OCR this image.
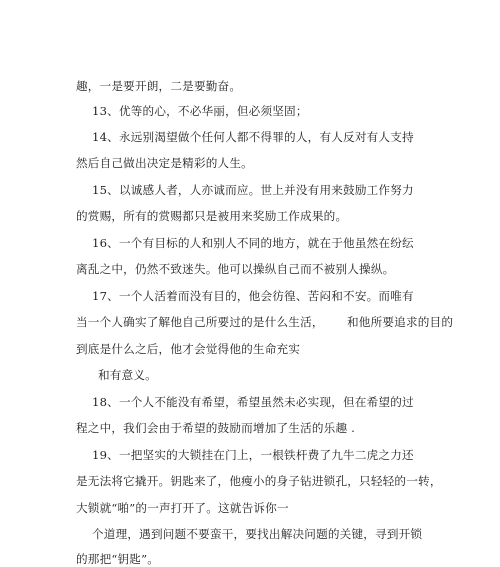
趣，一是要开朗，二是要勤奋。
13、优等的心，不必华丽，但必须坚固；
14、永远别渴望做个任何人都不得罪的人，有人反对有人支持
然后自己做出决定是精彩的人生。
15、以诚感人者，人亦诚而应。世上并没有用来鼓励工作努力
的赏赐，所有的赏赐都只是被用来奖励工作成果的。
16、一个有目标的人和别人不同的地方，就在于他虽然在纷纭
离乱之中，仍然不致迷失。他可以操纵自己而不被别人操纵。
17、一个人活着而没有目的，他会彷徨、苦闷和不安。而唯有
当一个人确实了解他自己所要过的是什么生活，      和他所要追求的目的
到底是什么之后，他才会觉得他的生命充实
和有意义。
18、一个人不能没有希望，希望虽然未必实现，但在希望的过
程之中，我们会由于希望的鼓励而增加了生活的乐趣 .
19、一把坚实的大锁挂在门上，一根铁杆费了九牛二虎之力还
是无法将它撬开。钥匙来了，他瘦小的身子钻进锁孔，只轻轻的一转，
大锁就“啪”的一声打开了。这就告诉你一
个道理，遇到问题不要蛮干，要找出解决问题的关键，寻到开锁
的那把“钥匙”。
